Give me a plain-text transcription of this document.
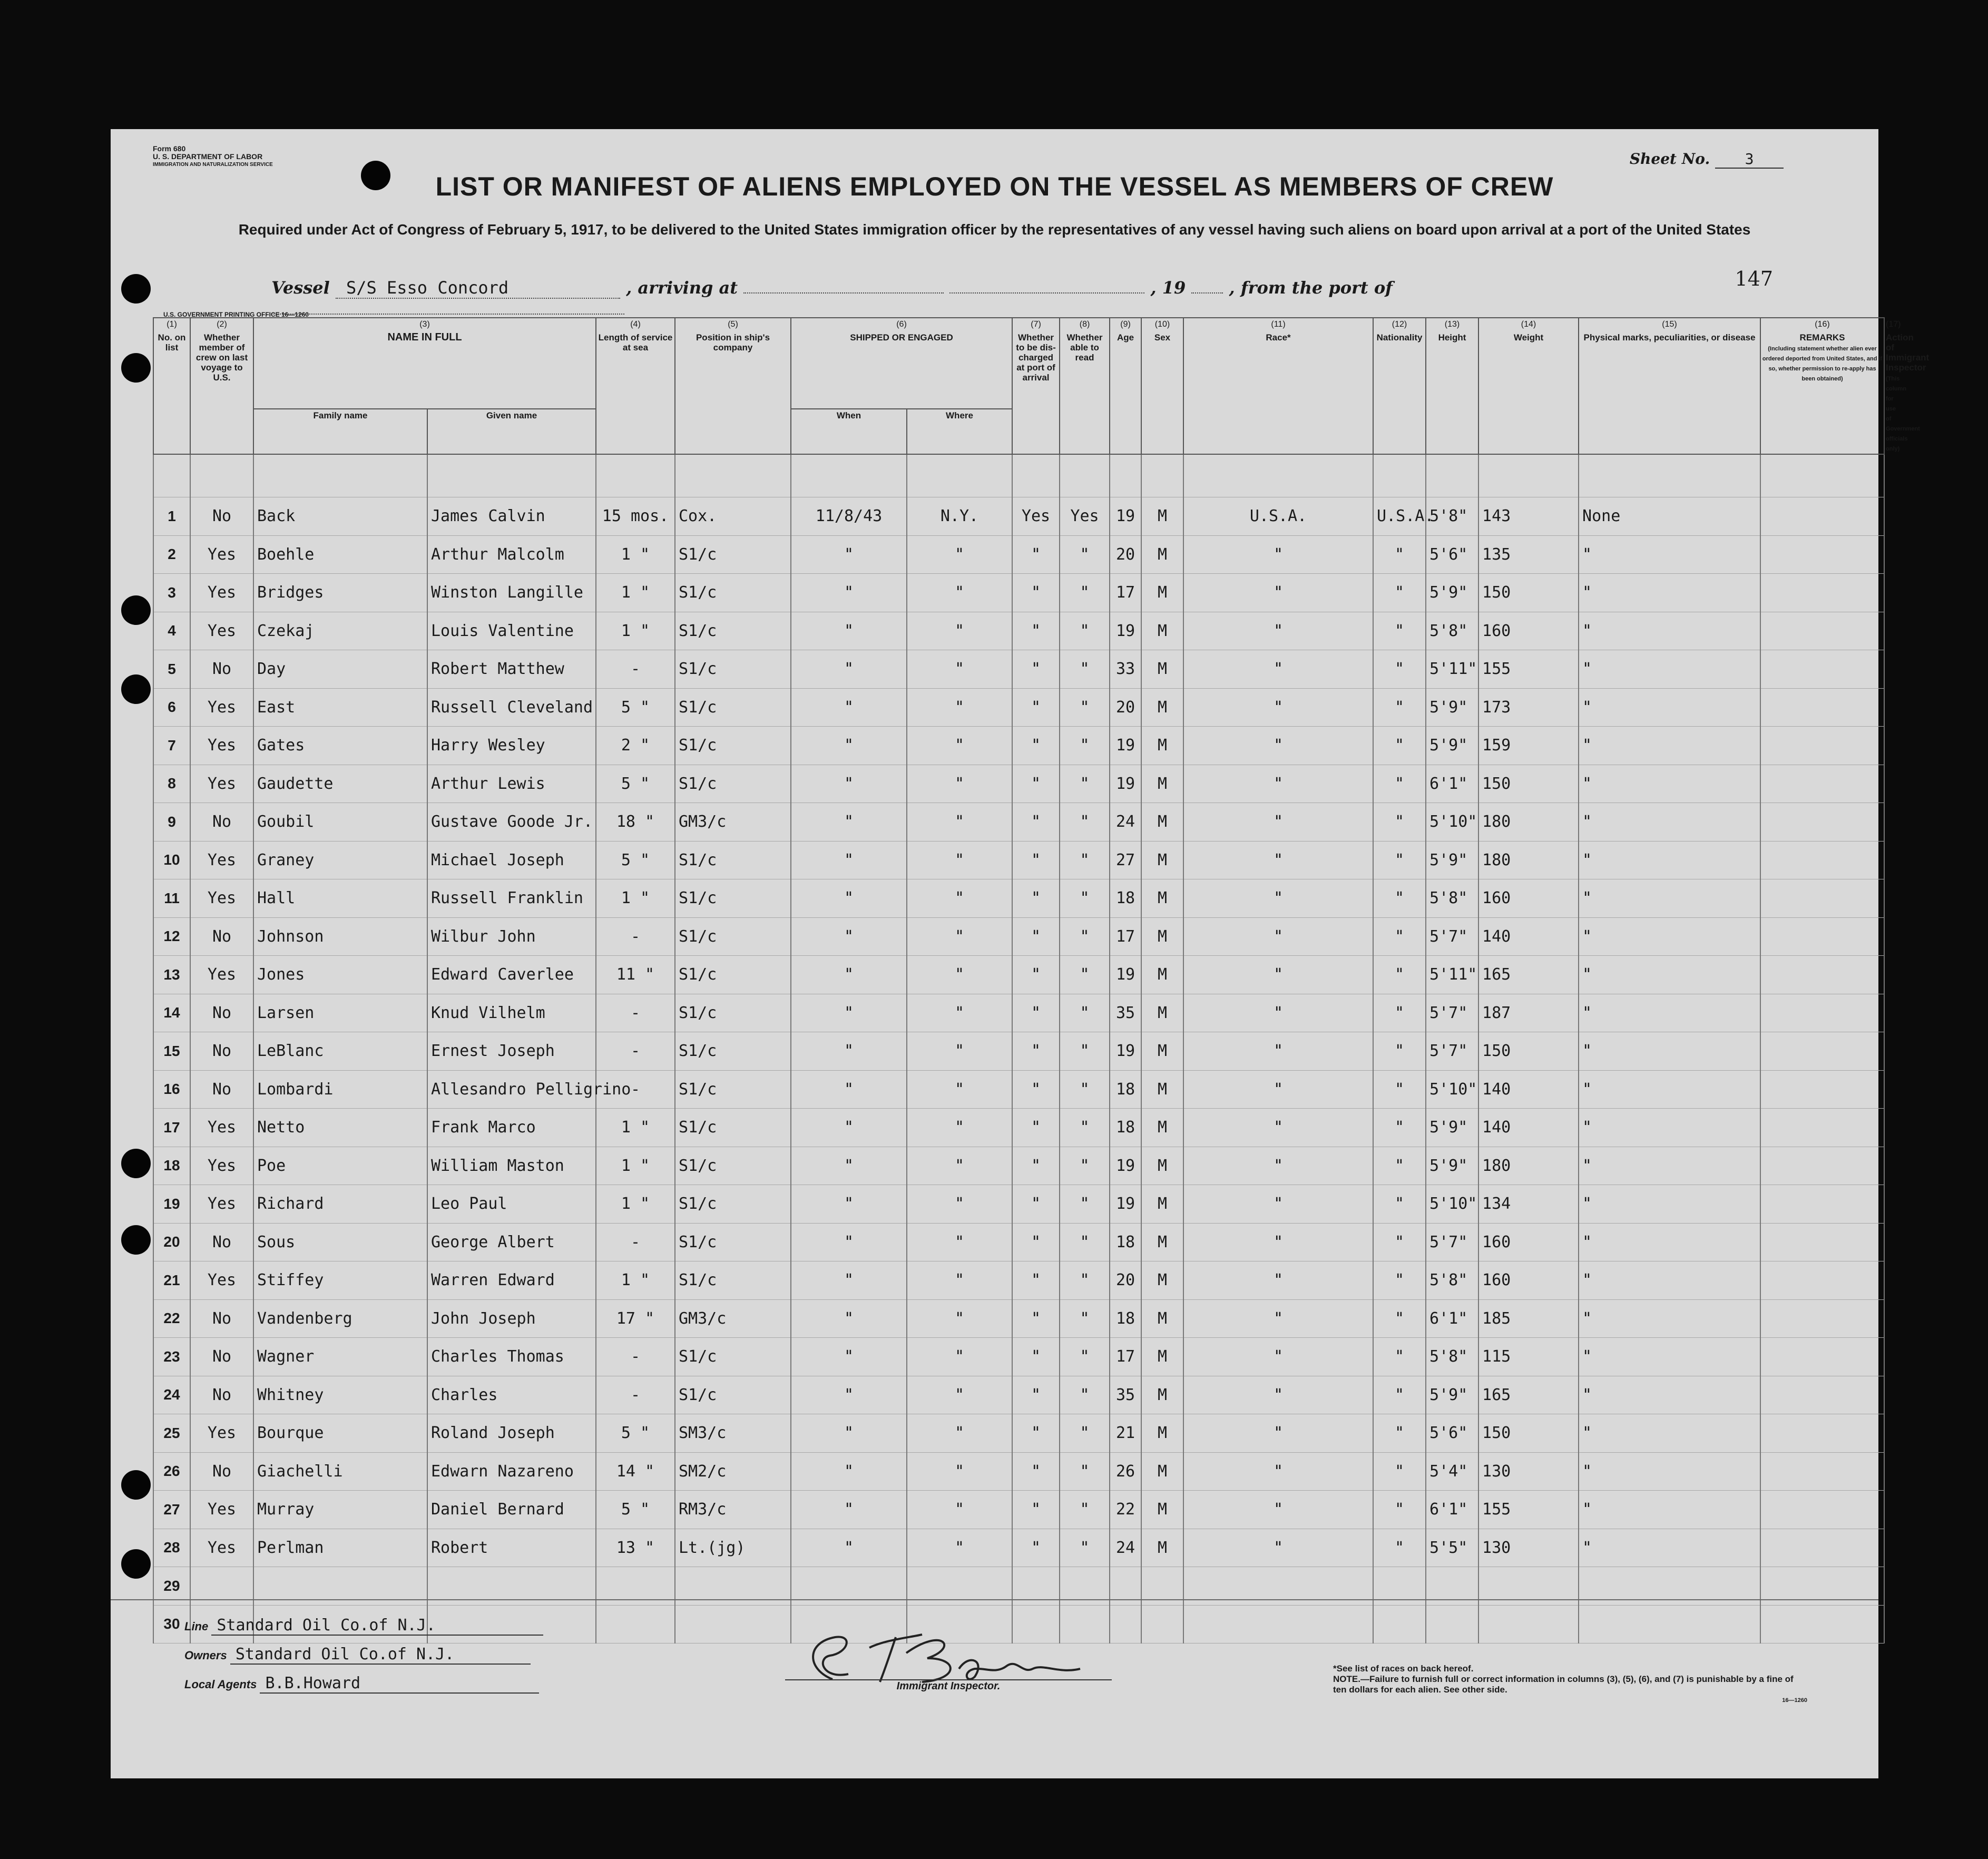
Form 680
U. S. DEPARTMENT OF LABOR
IMMIGRATION AND NATURALIZATION SERVICE	Sheet No. 3
LIST OR MANIFEST OF ALIENS EMPLOYED ON THE VESSEL AS MEMBERS OF CREW
Required under Act of Congress of February 5, 1917, to be delivered to the United States immigration officer by the representatives of any vessel having such aliens on board upon arrival at a port of the United States
Vessel S/S Esso Concord	, arriving at	, 19	, from the port of	147
U.S. GOVERNMENT PRINTING OFFICE 16—1260
(1)
No. on list	(2)
Whether member of crew on last voyage to U.S.	(3)
NAME IN FULL		(4)
Length of service at sea	(5)
Position in ship's company	(6)
SHIPPED OR ENGAGED		(7)
Whether to be dis-charged at port of arrival	(8)
Whether able to read	(9)
Age	(10)
Sex	(11)
Race*	(12)
Nationality	(13)
Height	(14)
Weight	(15)
Physical marks, peculiarities, or disease	(16)
REMARKS
(Including statement whether alien ever ordered deported from United States, and if so, whether permission to re-apply has been obtained)	(17)
Action of Immigrant Inspector
(This column for use of Government officials only)
		Family name	Given name			When	Where											

1	No	Back	James Calvin	15 mos.	Cox.	11/8/43	N.Y.	Yes	Yes	19	M	U.S.A.	U.S.A.	5'8"	143	None		
2	Yes	Boehle	Arthur Malcolm	1 "	S1/c	"	"	"	"	20	M	"	"	5'6"	135	"		
3	Yes	Bridges	Winston Langille	1 "	S1/c	"	"	"	"	17	M	"	"	5'9"	150	"		
4	Yes	Czekaj	Louis Valentine	1 "	S1/c	"	"	"	"	19	M	"	"	5'8"	160	"		
5	No	Day	Robert Matthew	-	S1/c	"	"	"	"	33	M	"	"	5'11"	155	"		
6	Yes	East	Russell Cleveland	5 "	S1/c	"	"	"	"	20	M	"	"	5'9"	173	"		
7	Yes	Gates	Harry Wesley	2 "	S1/c	"	"	"	"	19	M	"	"	5'9"	159	"		
8	Yes	Gaudette	Arthur Lewis	5 "	S1/c	"	"	"	"	19	M	"	"	6'1"	150	"		
9	No	Goubil	Gustave Goode Jr.	18 "	GM3/c	"	"	"	"	24	M	"	"	5'10"	180	"		
10	Yes	Graney	Michael Joseph	5 "	S1/c	"	"	"	"	27	M	"	"	5'9"	180	"		
11	Yes	Hall	Russell Franklin	1 "	S1/c	"	"	"	"	18	M	"	"	5'8"	160	"		
12	No	Johnson	Wilbur John	-	S1/c	"	"	"	"	17	M	"	"	5'7"	140	"		
13	Yes	Jones	Edward Caverlee	11 "	S1/c	"	"	"	"	19	M	"	"	5'11"	165	"		
14	No	Larsen	Knud Vilhelm	-	S1/c	"	"	"	"	35	M	"	"	5'7"	187	"		
15	No	LeBlanc	Ernest Joseph	-	S1/c	"	"	"	"	19	M	"	"	5'7"	150	"		
16	No	Lombardi	Allesandro Pelligrino	-	S1/c	"	"	"	"	18	M	"	"	5'10"	140	"		
17	Yes	Netto	Frank Marco	1 "	S1/c	"	"	"	"	18	M	"	"	5'9"	140	"		
18	Yes	Poe	William Maston	1 "	S1/c	"	"	"	"	19	M	"	"	5'9"	180	"		
19	Yes	Richard	Leo Paul	1 "	S1/c	"	"	"	"	19	M	"	"	5'10"	134	"		
20	No	Sous	George Albert	-	S1/c	"	"	"	"	18	M	"	"	5'7"	160	"		
21	Yes	Stiffey	Warren Edward	1 "	S1/c	"	"	"	"	20	M	"	"	5'8"	160	"		
22	No	Vandenberg	John Joseph	17 "	GM3/c	"	"	"	"	18	M	"	"	6'1"	185	"		
23	No	Wagner	Charles Thomas	-	S1/c	"	"	"	"	17	M	"	"	5'8"	115	"		
24	No	Whitney	Charles	-	S1/c	"	"	"	"	35	M	"	"	5'9"	165	"		
25	Yes	Bourque	Roland Joseph	5 "	SM3/c	"	"	"	"	21	M	"	"	5'6"	150	"		
26	No	Giachelli	Edwarn Nazareno	14 "	SM2/c	"	"	"	"	26	M	"	"	5'4"	130	"		
27	Yes	Murray	Daniel Bernard	5 "	RM3/c	"	"	"	"	22	M	"	"	6'1"	155	"		
28	Yes	Perlman	Robert	13 "	Lt.(jg)	"	"	"	"	24	M	"	"	5'5"	130	"		
29																		
30																		Line Standard Oil Co.of N.J.
Owners Standard Oil Co.of N.J.
Local Agents B.B.Howard	Immigrant Inspector.
*See list of races on back hereof.
NOTE.—Failure to furnish full or correct information in columns (3), (5), (6), and (7) is punishable by a fine of ten dollars for each alien. See other side.
16—1260
